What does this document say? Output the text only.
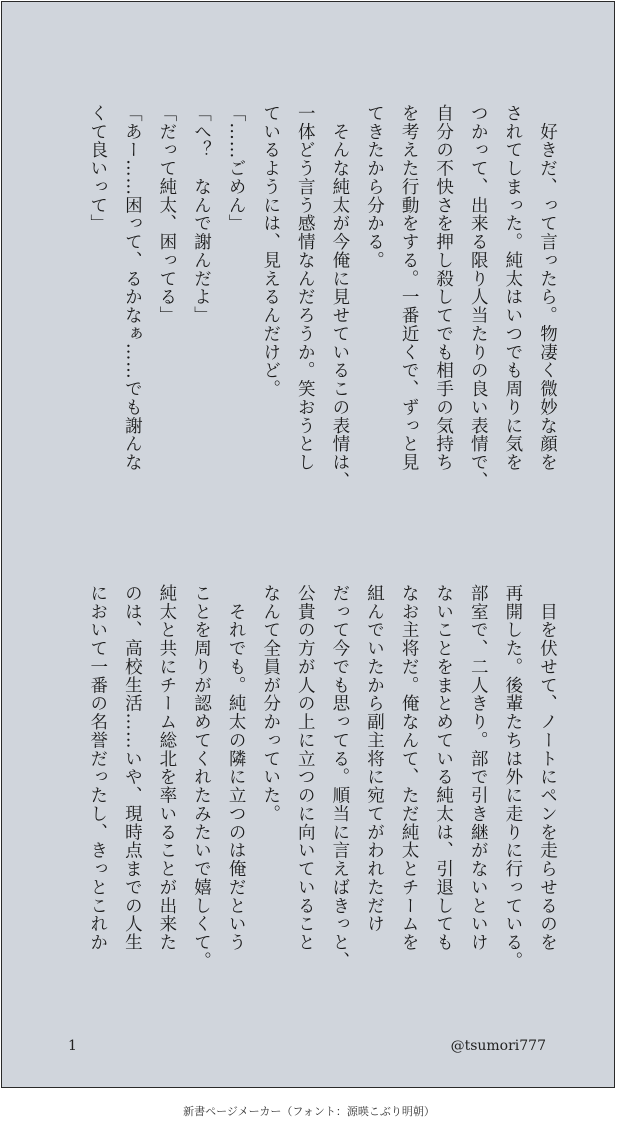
　好きだ、って言ったら。物凄く微妙な顔を

されてしまった。純太はいつでも周りに気を

つかって、出来る限り人当たりの良い表情で、

自分の不快さを押し殺してでも相手の気持ち

を考えた行動をする。一番近くで、ずっと見

てきたから分かる。

　そんな純太が今俺に見せているこの表情は、

一体どう言う感情なんだろうか。笑おうとし

ているようには、見えるんだけど。

「……ごめん」

「へ？　なんで謝んだよ」

「だって純太、困ってる」

「あー……困って、るかなぁ……でも謝んな

くて良いって」

　目を伏せて、ノートにペンを走らせるのを

再開した。後輩たちは外に走りに行っている。

部室で、二人きり。部で引き継がないといけ

ないことをまとめている純太は、引退しても

なお主将だ。俺なんて、ただ純太とチームを

組んでいたから副主将に宛てがわれただけ

だって今でも思ってる。順当に言えばきっと、

公貴の方が人の上に立つのに向いていること

なんて全員が分かっていた。

　それでも。純太の隣に立つのは俺だという

ことを周りが認めてくれたみたいで嬉しくて。

純太と共にチーム総北を率いることが出来た

のは、高校生活……いや、現時点までの人生

において一番の名誉だったし、きっとこれか

1	@tsumori777
新書ページメーカー（フォント：源暎こぶり明朝）
